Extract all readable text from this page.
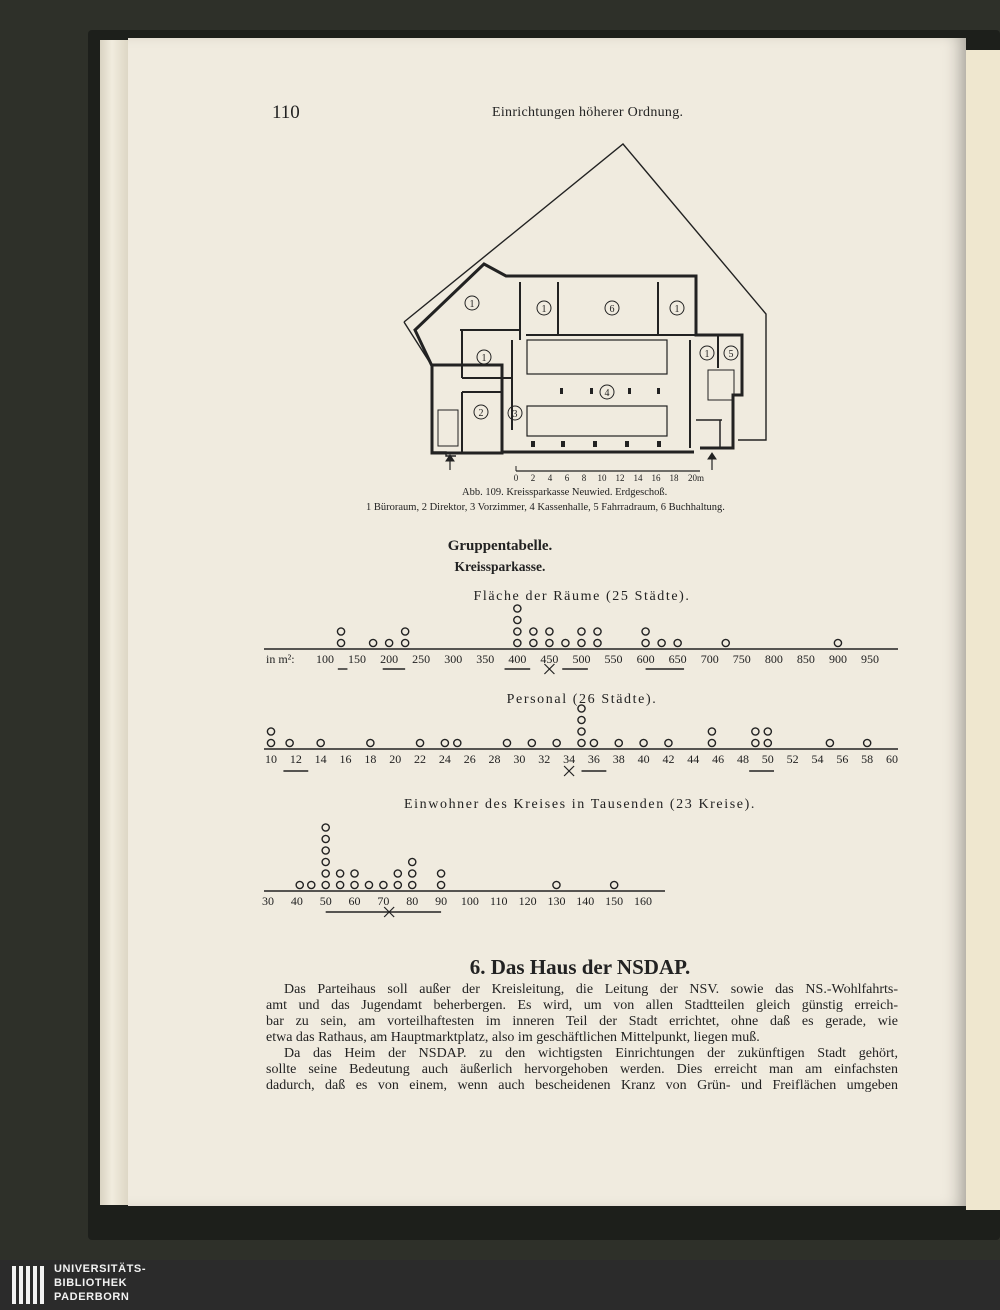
110	Einrichtungen höherer Ordnung.
1	1	6	1
1	1 5
2	3
4
0 2 4 6 8 10 12 14 16 18 20m
Abb. 109. Kreissparkasse Neuwied. Erdgeschoß.
1 Büroraum, 2 Direktor, 3 Vorzimmer, 4 Kassenhalle, 5 Fahrradraum, 6 Buchhaltung.
Gruppentabelle.
Kreissparkasse.
Fläche der Räume (25 Städte).
in m²: 100 150 200 250 300 350 400 450 500 550 600 650 700 750 800 850 900 950
Personal (26 Städte).
10 12 14 16 18 20 22 24 26 28 30 32 34 36 38 40 42 44 46 48 50 52 54 56 58 60
Einwohner des Kreises in Tausenden (23 Kreise).
30 40 50 60 70 80 90 100 110 120 130 140 150 160
6. Das Haus der NSDAP.
Das Parteihaus soll außer der Kreisleitung, die Leitung der NSV. sowie das NS.-Wohlfahrts-
amt und das Jugendamt beherbergen. Es wird, um von allen Stadtteilen gleich günstig erreich-
bar zu sein, am vorteilhaftesten im inneren Teil der Stadt errichtet, ohne daß es gerade, wie
etwa das Rathaus, am Hauptmarktplatz, also im geschäftlichen Mittelpunkt, liegen muß.
Da das Heim der NSDAP. zu den wichtigsten Einrichtungen der zukünftigen Stadt gehört,
sollte seine Bedeutung auch äußerlich hervorgehoben werden. Dies erreicht man am einfachsten
dadurch, daß es von einem, wenn auch bescheidenen Kranz von Grün- und Freiflächen umgeben
UNIVERSITÄTS-
BIBLIOTHEK
PADERBORN
